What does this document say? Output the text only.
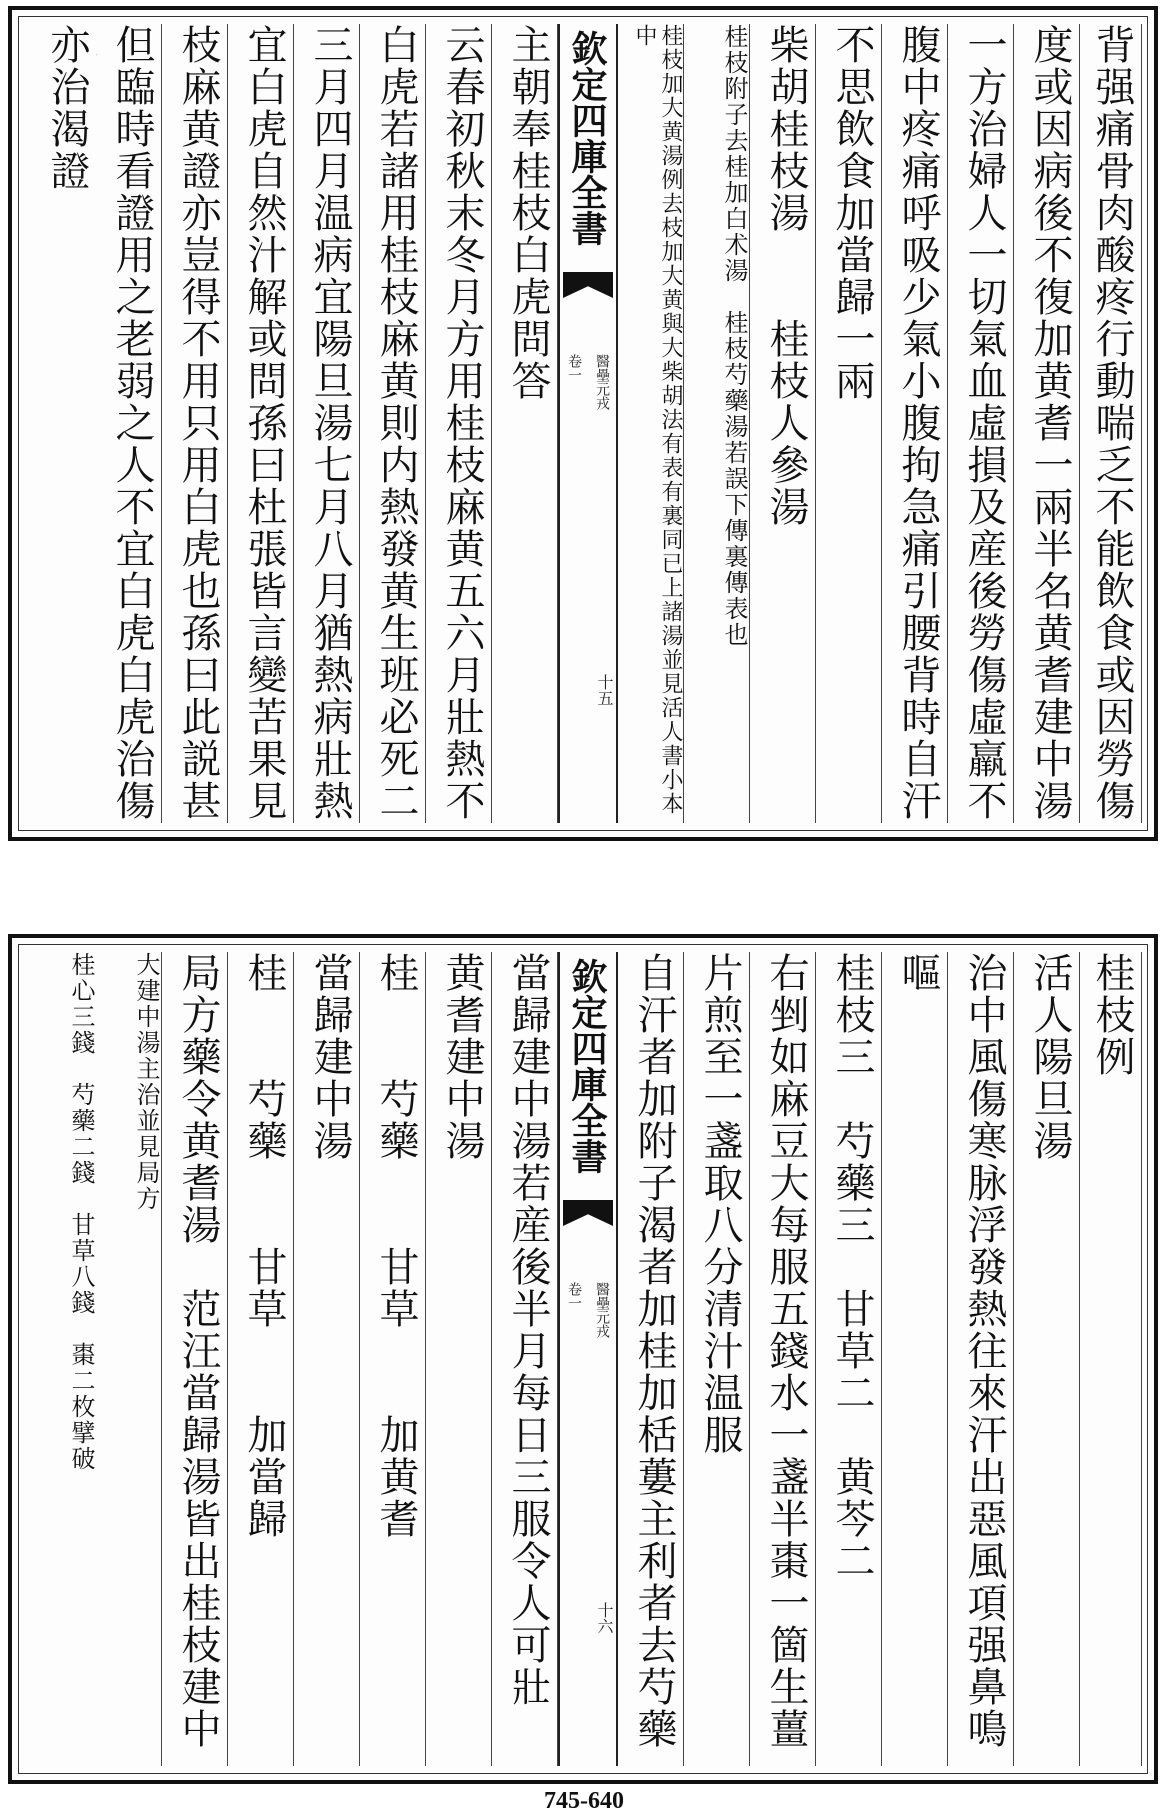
背强痛骨肉酸疼行動喘乏不能飲食或因勞傷
度或因病後不復加黄耆一兩半名黄耆建中湯
一方治婦人一切氣血虛損及産後勞傷虛羸不
腹中疼痛呼吸少氣小腹拘急痛引腰背時自汗
不思飲食加當歸一兩
柴胡桂枝湯　　桂枝人參湯
桂枝附子去桂加白术湯　桂枝芍藥湯若誤下傳裏傳表也
桂枝加大黄湯例去枝加大黄與大柴胡法有表有裏同已上諸湯並見活人書小本中
欽定四庫全書
卷一 醫壘元戎
十五
主朝奉桂枝白虎問答
云春初秋末冬月方用桂枝麻黄五六月壯熱不
白虎若諸用桂枝麻黄則内熱發黄生班必死二
三月四月温病宜陽旦湯七月八月猶熱病壯熱
宜白虎自然汁解或問孫曰杜張皆言變苦果見
枝麻黄證亦豈得不用只用白虎也孫曰此説甚
但臨時看證用之老弱之人不宜白虎白虎治傷
亦治渴證
桂枝例
活人陽旦湯
治中風傷寒脉浮發熱往來汗出惡風項强鼻鳴
嘔
桂枝三　芍藥三　甘草二　黄芩二
右剉如麻豆大每服五錢水一盞半棗一箇生薑
片煎至一盞取八分清汁温服
自汗者加附子渴者加桂加栝蔞主利者去芍藥
欽定四庫全書
卷一 醫壘元戎
十六
當歸建中湯若産後半月每日三服令人可壯
黄耆建中湯
桂　　芍藥　　甘草　　加黄耆
當歸建中湯
桂　　芍藥　　甘草　　加當歸
局方藥令黄耆湯　范汪當歸湯皆出桂枝建中
大建中湯主治並見局方
桂心三錢　芍藥二錢　甘草八錢　棗二枚擘破
745-640
